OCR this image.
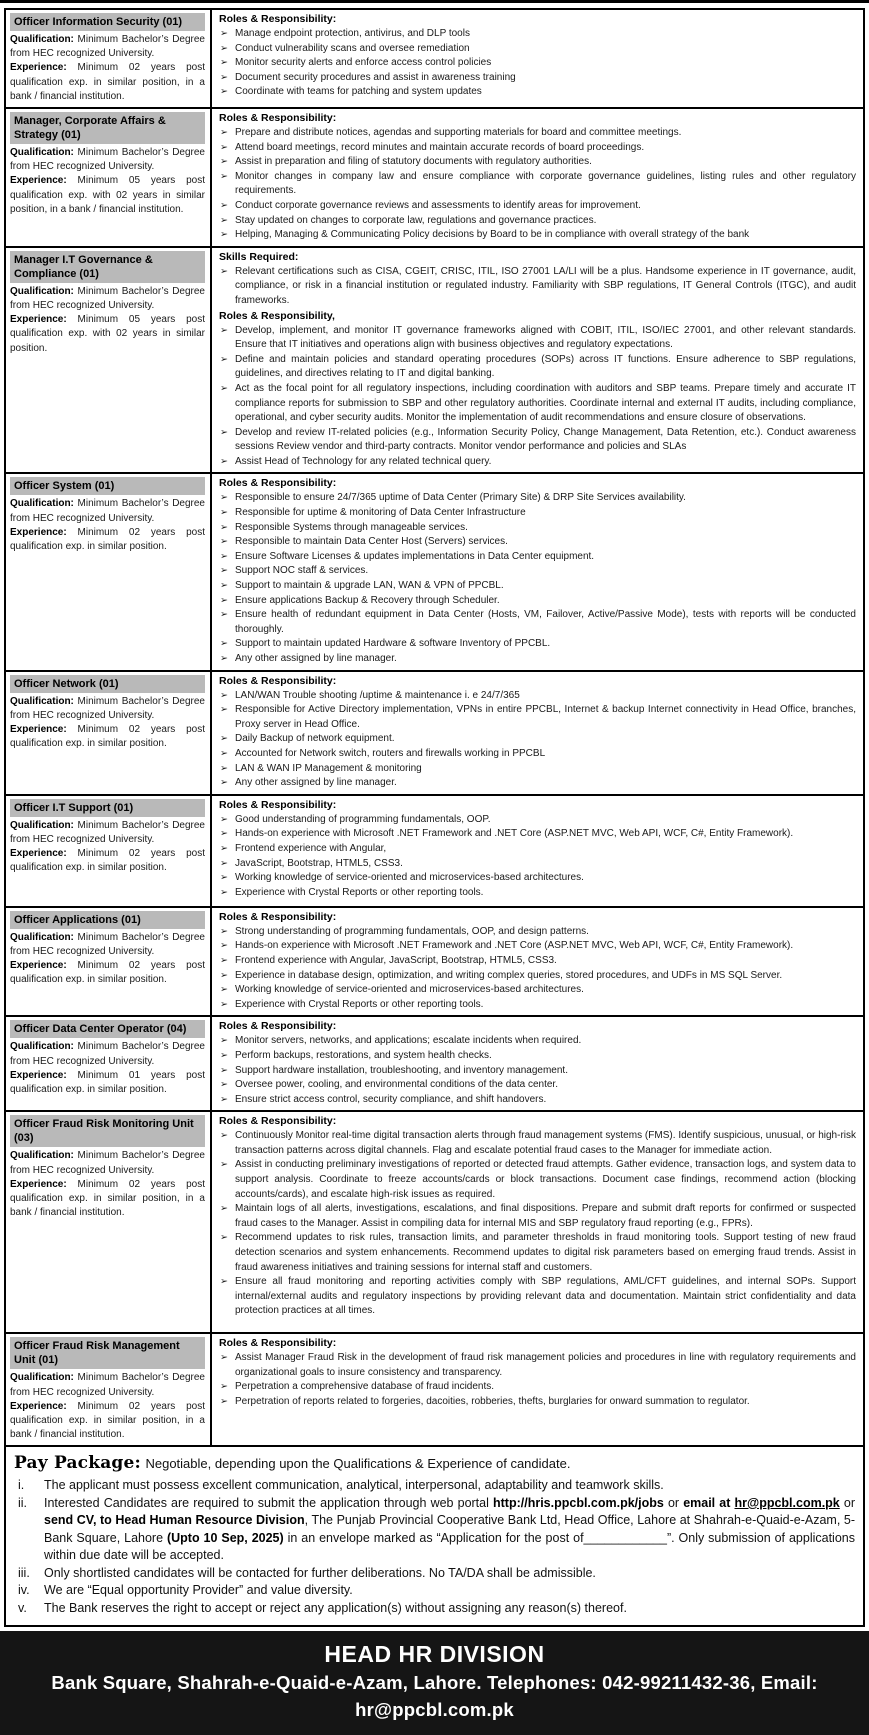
Officer Information Security (01)

Qualification: Minimum Bachelor’s Degree from HEC recognized University.

Experience: Minimum 02 years post qualification exp. in similar position, in a bank / financial institution.

Roles & Responsibility:
➢ Manage endpoint protection, antivirus, and DLP tools
➢ Conduct vulnerability scans and oversee remediation
➢ Monitor security alerts and enforce access control policies
➢ Document security procedures and assist in awareness training
➢ Coordinate with teams for patching and system updates
Manager, Corporate Affairs & Strategy (01)

Qualification: Minimum Bachelor’s Degree from HEC recognized University.

Experience: Minimum 05 years post qualification exp. with 02 years in similar position, in a bank / financial institution.

Roles & Responsibility:
➢ Prepare and distribute notices, agendas and supporting materials for board and committee meetings.
➢ Attend board meetings, record minutes and maintain accurate records of board proceedings.
➢ Assist in preparation and filing of statutory documents with regulatory authorities.
➢ Monitor changes in company law and ensure compliance with corporate governance guidelines, listing rules and other regulatory requirements.
➢ Conduct corporate governance reviews and assessments to identify areas for improvement.
➢ Stay updated on changes to corporate law, regulations and governance practices.
➢ Helping, Managing & Communicating Policy decisions by Board to be in compliance with overall strategy of the bank
Manager I.T Governance & Compliance (01)

Qualification: Minimum Bachelor’s Degree from HEC recognized University.

Experience: Minimum 05 years post qualification exp. with 02 years in similar position.

Skills Required:
➢ Relevant certifications such as CISA, CGEIT, CRISC, ITIL, ISO 27001 LA/LI will be a plus. Handsome experience in IT governance, audit, compliance, or risk in a financial institution or regulated industry. Familiarity with SBP regulations, IT General Controls (ITGC), and audit frameworks.
Roles & Responsibility,
➢ Develop, implement, and monitor IT governance frameworks aligned with COBIT, ITIL, ISO/IEC 27001, and other relevant standards. Ensure that IT initiatives and operations align with business objectives and regulatory expectations.
➢ Define and maintain policies and standard operating procedures (SOPs) across IT functions. Ensure adherence to SBP regulations, guidelines, and directives relating to IT and digital banking.
➢ Act as the focal point for all regulatory inspections, including coordination with auditors and SBP teams. Prepare timely and accurate IT compliance reports for submission to SBP and other regulatory authorities. Coordinate internal and external IT audits, including compliance, operational, and cyber security audits. Monitor the implementation of audit recommendations and ensure closure of observations.
➢ Develop and review IT-related policies (e.g., Information Security Policy, Change Management, Data Retention, etc.). Conduct awareness sessions Review vendor and third-party contracts. Monitor vendor performance and policies and SLAs
➢ Assist Head of Technology for any related technical query.
Officer System (01)

Qualification: Minimum Bachelor’s Degree from HEC recognized University.

Experience: Minimum 02 years post qualification exp. in similar position.

Roles & Responsibility:
➢ Responsible to ensure 24/7/365 uptime of Data Center (Primary Site) & DRP Site Services availability.
➢ Responsible for uptime & monitoring of Data Center Infrastructure
➢ Responsible Systems through manageable services.
➢ Responsible to maintain Data Center Host (Servers) services.
➢ Ensure Software Licenses & updates implementations in Data Center equipment.
➢ Support NOC staff & services.
➢ Support to maintain & upgrade LAN, WAN & VPN of PPCBL.
➢ Ensure applications Backup & Recovery through Scheduler.
➢ Ensure health of redundant equipment in Data Center (Hosts, VM, Failover, Active/Passive Mode), tests with reports will be conducted thoroughly.
➢ Support to maintain updated Hardware & software Inventory of PPCBL.
➢ Any other assigned by line manager.
Officer Network (01)

Qualification: Minimum Bachelor’s Degree from HEC recognized University.

Experience: Minimum 02 years post qualification exp. in similar position.

Roles & Responsibility:
➢ LAN/WAN Trouble shooting /uptime & maintenance i. e 24/7/365
➢ Responsible for Active Directory implementation, VPNs in entire PPCBL, Internet & backup Internet connectivity in Head Office, branches, Proxy server in Head Office.
➢ Daily Backup of network equipment.
➢ Accounted for Network switch, routers and firewalls working in PPCBL
➢ LAN & WAN IP Management & monitoring
➢ Any other assigned by line manager.
Officer I.T Support (01)

Qualification: Minimum Bachelor’s Degree from HEC recognized University.

Experience: Minimum 02 years post qualification exp. in similar position.

Roles & Responsibility:
➢ Good understanding of programming fundamentals, OOP.
➢ Hands-on experience with Microsoft .NET Framework and .NET Core (ASP.NET MVC, Web API, WCF, C#, Entity Framework).
➢ Frontend experience with Angular,
➢ JavaScript, Bootstrap, HTML5, CSS3.
➢ Working knowledge of service-oriented and microservices-based architectures.
➢ Experience with Crystal Reports or other reporting tools.
Officer Applications (01)

Qualification: Minimum Bachelor’s Degree from HEC recognized University.

Experience: Minimum 02 years post qualification exp. in similar position.

Roles & Responsibility:
➢ Strong understanding of programming fundamentals, OOP, and design patterns.
➢ Hands-on experience with Microsoft .NET Framework and .NET Core (ASP.NET MVC, Web API, WCF, C#, Entity Framework).
➢ Frontend experience with Angular, JavaScript, Bootstrap, HTML5, CSS3.
➢ Experience in database design, optimization, and writing complex queries, stored procedures, and UDFs in MS SQL Server.
➢ Working knowledge of service-oriented and microservices-based architectures.
➢ Experience with Crystal Reports or other reporting tools.
Officer Data Center Operator (04)

Qualification: Minimum Bachelor’s Degree from HEC recognized University.

Experience: Minimum 01 years post qualification exp. in similar position.

Roles & Responsibility:
➢ Monitor servers, networks, and applications; escalate incidents when required.
➢ Perform backups, restorations, and system health checks.
➢ Support hardware installation, troubleshooting, and inventory management.
➢ Oversee power, cooling, and environmental conditions of the data center.
➢ Ensure strict access control, security compliance, and shift handovers.
Officer Fraud Risk Monitoring Unit (03)

Qualification: Minimum Bachelor’s Degree from HEC recognized University.

Experience: Minimum 02 years post qualification exp. in similar position, in a bank / financial institution.

Roles & Responsibility:
➢ Continuously Monitor real-time digital transaction alerts through fraud management systems (FMS). Identify suspicious, unusual, or high-risk transaction patterns across digital channels. Flag and escalate potential fraud cases to the Manager for immediate action.
➢ Assist in conducting preliminary investigations of reported or detected fraud attempts. Gather evidence, transaction logs, and system data to support analysis. Coordinate to freeze accounts/cards or block transactions. Document case findings, recommend action (blocking accounts/cards), and escalate high-risk issues as required.
➢ Maintain logs of all alerts, investigations, escalations, and final dispositions. Prepare and submit draft reports for confirmed or suspected fraud cases to the Manager. Assist in compiling data for internal MIS and SBP regulatory fraud reporting (e.g., FPRs).
➢ Recommend updates to risk rules, transaction limits, and parameter thresholds in fraud monitoring tools. Support testing of new fraud detection scenarios and system enhancements. Recommend updates to digital risk parameters based on emerging fraud trends. Assist in fraud awareness initiatives and training sessions for internal staff and customers.
➢ Ensure all fraud monitoring and reporting activities comply with SBP regulations, AML/CFT guidelines, and internal SOPs. Support internal/external audits and regulatory inspections by providing relevant data and documentation. Maintain strict confidentiality and data protection practices at all times.
Officer Fraud Risk Management Unit (01)

Qualification: Minimum Bachelor’s Degree from HEC recognized University.

Experience: Minimum 02 years post qualification exp. in similar position, in a bank / financial institution.

Roles & Responsibility:
➢ Assist Manager Fraud Risk in the development of fraud risk management policies and procedures in line with regulatory requirements and organizational goals to insure consistency and transparency.
➢ Perpetration a comprehensive database of fraud incidents.
➢ Perpetration of reports related to forgeries, dacoities, robberies, thefts, burglaries for onward summation to regulator.
Pay Package: Negotiable, depending upon the Qualifications & Experience of candidate.
i.	The applicant must possess excellent communication, analytical, interpersonal, adaptability and teamwork skills.
ii.	Interested Candidates are required to submit the application through web portal http://hris.ppcbl.com.pk/jobs or email at hr@ppcbl.com.pk or send CV, to Head Human Resource Division, The Punjab Provincial Cooperative Bank Ltd, Head Office, Lahore at Shahrah-e-Quaid-e-Azam, 5-Bank Square, Lahore (Upto 10 Sep, 2025) in an envelope marked as “Application for the post of____________”. Only submission of applications within due date will be accepted.
iii.	Only shortlisted candidates will be contacted for further deliberations. No TA/DA shall be admissible.
iv.	We are “Equal opportunity Provider” and value diversity.
v.	The Bank reserves the right to accept or reject any application(s) without assigning any reason(s) thereof.
HEAD HR DIVISION
Bank Square, Shahrah-e-Quaid-e-Azam, Lahore. Telephones: 042-99211432-36, Email: hr@ppcbl.com.pk
